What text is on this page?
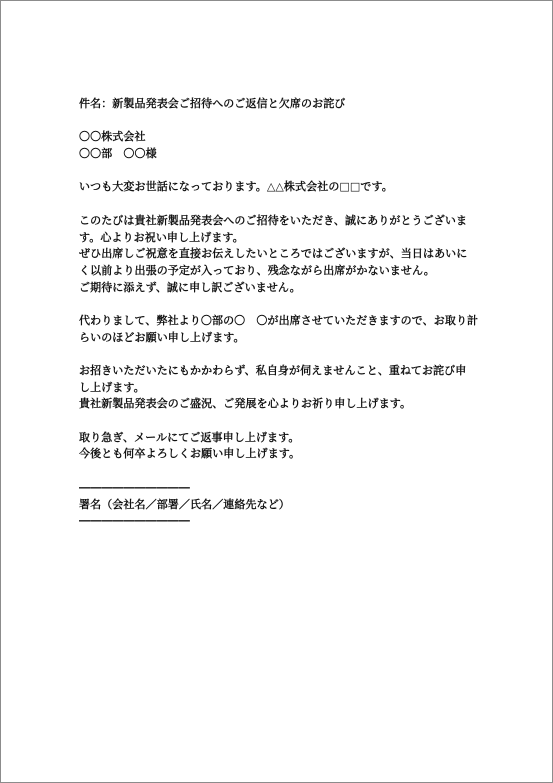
件名：新製品発表会ご招待へのご返信と欠席のお詫び
〇〇株式会社
〇〇部　〇〇様
いつも大変お世話になっております。△△株式会社の□□です。
このたびは貴社新製品発表会へのご招待をいただき、誠にありがとうございま
す。心よりお祝い申し上げます。
ぜひ出席しご祝意を直接お伝えしたいところではございますが、当日はあいに
く以前より出張の予定が入っており、残念ながら出席がかないません。
ご期待に添えず、誠に申し訳ございません。
代わりまして、弊社より〇部の〇　〇が出席させていただきますので、お取り計
らいのほどお願い申し上げます。
お招きいただいたにもかかわらず、私自身が伺えませんこと、重ねてお詫び申
し上げます。
貴社新製品発表会のご盛況、ご発展を心よりお祈り申し上げます。
取り急ぎ、メールにてご返事申し上げます。
今後とも何卒よろしくお願い申し上げます。
――――――――――
署名（会社名／部署／氏名／連絡先など）
――――――――――
